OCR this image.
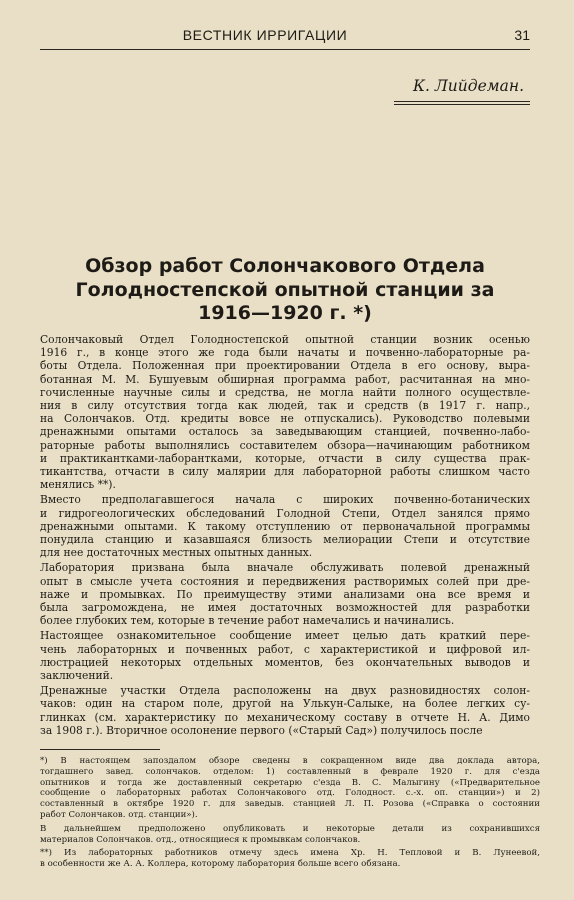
ВЕСТНИК ИРРИГАЦИИ	31
К. Лийдеман.
Обзор работ Солончакового Отдела
Голодностепской опытной станции за
1916—1920 г. *)
Солончаковый Отдел Голодностепской опытной станции возник осенью
1916 г., в конце этого же года были начаты и почвенно-лабораторные ра-
боты Отдела. Положенная при проектировании Отдела в его основу, выра-
ботанная М. М. Бушуевым обширная программа работ, расчитанная на мно-
гочисленные научные силы и средства, не могла найти полного осуществле-
ния в силу отсутствия тогда как людей, так и средств (в 1917 г. напр.,
на Солончаков. Отд. кредиты вовсе не отпускались). Руководство полевыми
дренажными опытами осталось за заведывающим станцией, почвенно-лабо-
раторные работы выполнялись составителем обзора—начинающим работником
и практикантками-лаборантками, которые, отчасти в силу существа прак-
тикантства, отчасти в силу малярии для лабораторной работы слишком часто
менялись **).
Вместо предполагавшегося начала с широких почвенно-ботанических
и гидрогеологических обследований Голодной Степи, Отдел занялся прямо
дренажными опытами. К такому отступлению от первоначальной программы
понудила станцию и казавшаяся близость мелиорации Степи и отсутствие
для нее достаточных местных опытных данных.
Лаборатория призвана была вначале обслуживать полевой дренажный
опыт в смысле учета состояния и передвижения растворимых солей при дре-
наже и промывках. По преимуществу этими анализами она все время и
была загромождена, не имея достаточных возможностей для разработки
более глубоких тем, которые в течение работ намечались и начинались.
Настоящее ознакомительное сообщение имеет целью дать краткий пере-
чень лабораторных и почвенных работ, с характеристикой и цифровой ил-
люстрацией некоторых отдельных моментов, без окончательных выводов и
заключений.
Дренажные участки Отдела расположены на двух разновидностях солон-
чаков: один на старом поле, другой на Улькун-Салыке, на более легких су-
глинках (см. характеристику по механическому составу в отчете Н. А. Димо
за 1908 г.). Вторичное осолонение первого («Старый Сад») получилось после
*) В настоящем запоздалом обзоре сведены в сокращенном виде два доклада автора,
тогдашнего завед. солончаков. отделом: 1) составленный в феврале 1920 г. для с'езда
опытников и тогда же доставленный секретарю с'езда В. С. Малыгину («Предварительное
сообщение о лабораторных работах Солончакового отд. Голодност. с.-х. оп. станции») и 2)
составленный в октябре 1920 г. для заведыв. станцией Л. П. Розова («Справка о состоянии
работ Солончаков. отд. станции»).
В дальнейшем предположено опубликовать и некоторые детали из сохранившихся
материалов Солончаков. отд., относящиеся к промывкам солончаков.
**) Из лабораторных работников отмечу здесь имена Хр. Н. Тепловой и В. Лунеевой,
в особенности же А. А. Коллера, которому лаборатория больше всего обязана.
